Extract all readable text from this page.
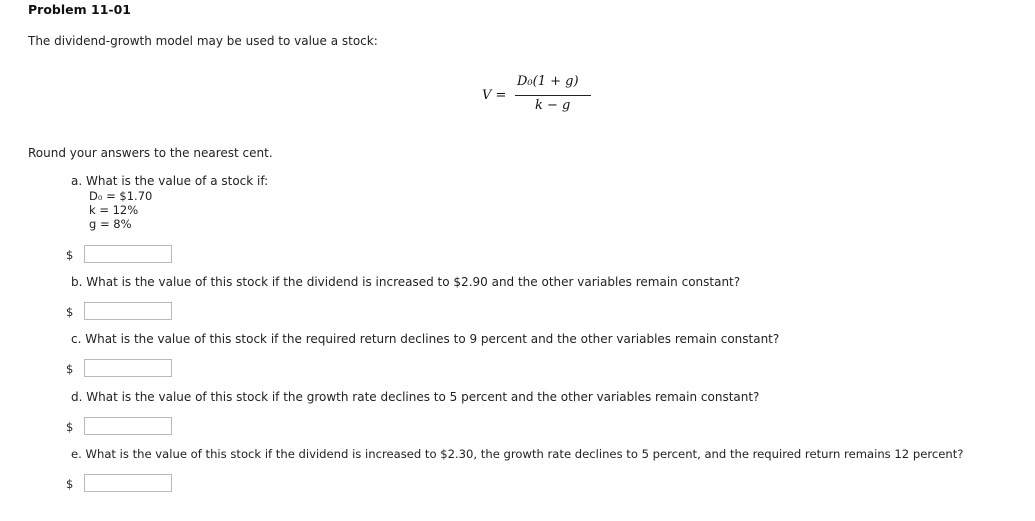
Problem 11-01
The dividend-growth model may be used to value a stock:
V =
D₀(1 + g)
k − g
Round your answers to the nearest cent.
a. What is the value of a stock if:
D₀ = $1.70
k = 12%
g = 8%
$
b. What is the value of this stock if the dividend is increased to $2.90 and the other variables remain constant?
$
c. What is the value of this stock if the required return declines to 9 percent and the other variables remain constant?
$
d. What is the value of this stock if the growth rate declines to 5 percent and the other variables remain constant?
$
e. What is the value of this stock if the dividend is increased to $2.30, the growth rate declines to 5 percent, and the required return remains 12 percent?
$
